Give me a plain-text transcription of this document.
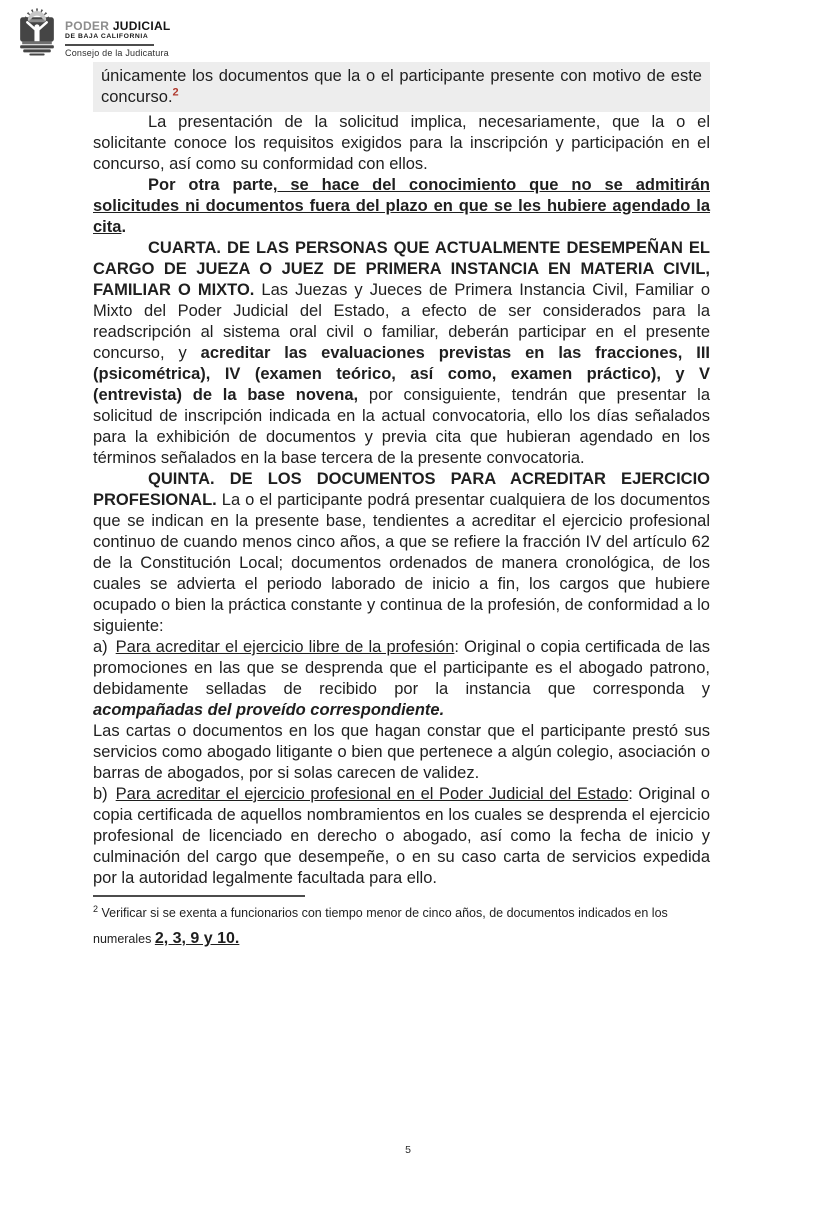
PODER JUDICIAL
DE BAJA CALIFORNIA
Consejo de la Judicatura

únicamente los documentos que la o el participante presente con motivo de este concurso.$^2$

La presentación de la solicitud implica, necesariamente, que la o el solicitante conoce los requisitos exigidos para la inscripción y participación en el concurso, así como su conformidad con ellos.

Por otra parte, se hace del conocimiento que no se admitirán solicitudes ni documentos fuera del plazo en que se les hubiere agendado la cita.

CUARTA. DE LAS PERSONAS QUE ACTUALMENTE DESEMPEÑAN EL CARGO DE JUEZA O JUEZ DE PRIMERA INSTANCIA EN MATERIA CIVIL, FAMILIAR O MIXTO. Las Juezas y Jueces de Primera Instancia Civil, Familiar o Mixto del Poder Judicial del Estado, a efecto de ser considerados para la readscripción al sistema oral civil o familiar, deberán participar en el presente concurso, y acreditar las evaluaciones previstas en las fracciones, III (psicométrica), IV (examen teórico, así como, examen práctico), y V (entrevista) de la base novena, por consiguiente, tendrán que presentar la solicitud de inscripción indicada en la actual convocatoria, ello los días señalados para la exhibición de documentos y previa cita que hubieran agendado en los términos señalados en la base tercera de la presente convocatoria.

QUINTA. DE LOS DOCUMENTOS PARA ACREDITAR EJERCICIO PROFESIONAL. La o el participante podrá presentar cualquiera de los documentos que se indican en la presente base, tendientes a acreditar el ejercicio profesional continuo de cuando menos cinco años, a que se refiere la fracción IV del artículo 62 de la Constitución Local; documentos ordenados de manera cronológica, de los cuales se advierta el periodo laborado de inicio a fin, los cargos que hubiere ocupado o bien la práctica constante y continua de la profesión, de conformidad a lo siguiente:

a) Para acreditar el ejercicio libre de la profesión: Original o copia certificada de las promociones en las que se desprenda que el participante es el abogado patrono, debidamente selladas de recibido por la instancia que corresponda y acompañadas del proveído correspondiente.

Las cartas o documentos en los que hagan constar que el participante prestó sus servicios como abogado litigante o bien que pertenece a algún colegio, asociación o barras de abogados, por si solas carecen de validez.

b) Para acreditar el ejercicio profesional en el Poder Judicial del Estado: Original o copia certificada de aquellos nombramientos en los cuales se desprenda el ejercicio profesional de licenciado en derecho o abogado, así como la fecha de inicio y culminación del cargo que desempeñe, o en su caso carta de servicios expedida por la autoridad legalmente facultada para ello.

$^2$ Verificar si se exenta a funcionarios con tiempo menor de cinco años, de documentos indicados en los numerales 2, 3, 9 y 10.

5
